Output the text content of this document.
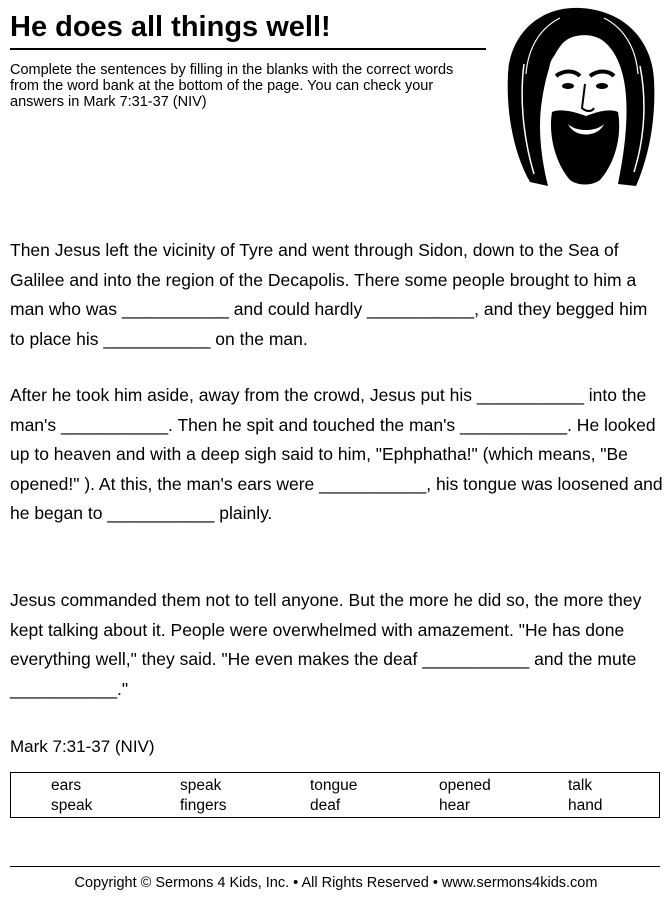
He does all things well!

Complete the sentences by filling in the blanks with the correct words from the word bank at the bottom of the page. You can check your answers in Mark 7:31-37 (NIV)

Then Jesus left the vicinity of Tyre and went through Sidon, down to the Sea of Galilee and into the region of the Decapolis. There some people brought to him a man who was ___________ and could hardly ___________, and they begged him to place his ___________ on the man.

After he took him aside, away from the crowd, Jesus put his ___________ into the man's ___________. Then he spit and touched the man's ___________. He looked up to heaven and with a deep sigh said to him, "Ephphatha!" (which means, "Be opened!" ). At this, the man's ears were ___________, his tongue was loosened and he began to ___________ plainly.

Jesus commanded them not to tell anyone. But the more he did so, the more they kept talking about it. People were overwhelmed with amazement. "He has done everything well," they said. "He even makes the deaf ___________ and the mute ___________."

Mark 7:31-37 (NIV)

ears	speak	tongue	opened	talk
speak	fingers	deaf	hear	hand

Copyright © Sermons 4 Kids, Inc. • All Rights Reserved • www.sermons4kids.com
